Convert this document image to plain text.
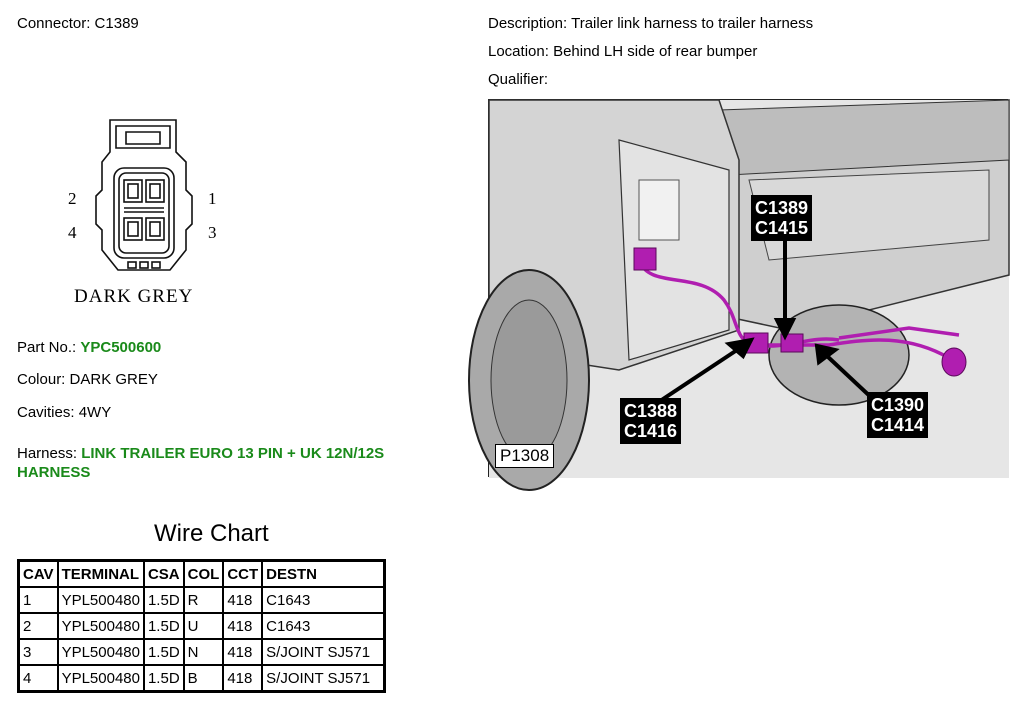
Connector: C1389	Description: Trailer link harness to trailer harness
Location: Behind LH side of rear bumper
Qualifier:
2	1
4	3
DARK GREY
Part No.: YPC500600
Colour: DARK GREY
Cavities: 4WY
Harness: LINK TRAILER EURO 13 PIN + UK 12N/12S
HARNESS
C1389
C1415
C1388
C1416
C1390
C1414
P1308
Wire Chart
CAV	TERMINAL	CSA	COL	CCT	DESTN
1	YPL500480	1.5D	R	418	C1643
2	YPL500480	1.5D	U	418	C1643
3	YPL500480	1.5D	N	418	S/JOINT SJ571
4	YPL500480	1.5D	B	418	S/JOINT SJ571
